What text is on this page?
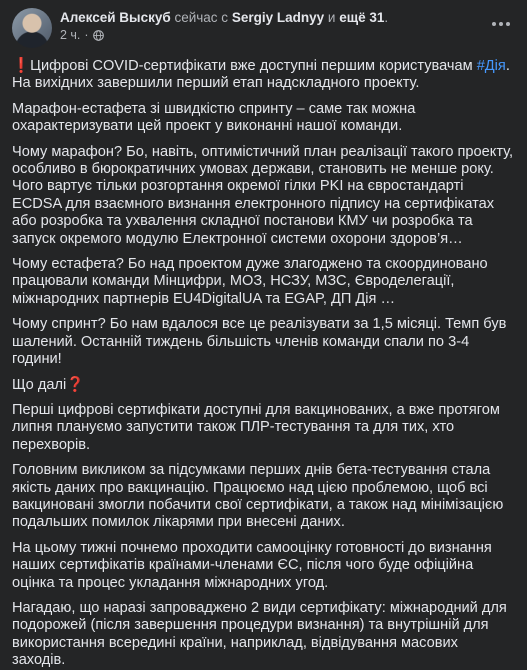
Алексей Выскуб сейчас с Sergiy Ladnyy и ещё 31.
2 ч. ·

❗Цифрові COVID-сертифікати вже доступні першим користувачам #Дія. На вихідних завершили перший етап надскладного проекту.

Марафон-естафета зі швидкістю спринту – саме так можна охарактеризувати цей проект у виконанні нашої команди.

Чому марафон? Бо, навіть, оптимістичний план реалізації такого проекту, особливо в бюрократичних умовах держави, становить не менше року. Чого вартує тільки розгортання окремої гілки PKI на євростандарті ECDSA для взаємного визнання електронного підпису на сертифікатах або розробка та ухвалення складної постанови КМУ чи розробка та запуск окремого модулю Електронної системи охорони здоров’я…

Чому естафета? Бо над проектом дуже злагоджено та скоординовано працювали команди Мінцифри, МОЗ, НСЗУ, МЗС, Євроделегації, міжнародних партнерів EU4DigitalUA та EGAP, ДП Дія …

Чому спринт? Бо нам вдалося все це реалізувати за 1,5 місяці. Темп був шалений. Останній тиждень більшість членів команди спали по 3-4 години!

Що далі❓

Перші цифрові сертифікати доступні для вакцинованих, а вже протягом липня плануємо запустити також ПЛР-тестування та для тих, хто перехворів.

Головним викликом за підсумками перших днів бета-тестування стала якість даних про вакцинацію. Працюємо над цією проблемою, щоб всі вакциновані змогли побачити свої сертифікати, а також над мінімізацією подальших помилок лікарями при внесені даних.

На цьому тижні почнемо проходити самооцінку готовності до визнання наших сертифікатів країнами-членами ЄС, після чого буде офіційна оцінка та процес укладання міжнародних угод.

Нагадаю, що наразі запроваджено 2 види сертифікату: міжнародний для подорожей (після завершення процедури визнання) та внутрішній для використання всередині країни, наприклад, відвідування масових заходів.
